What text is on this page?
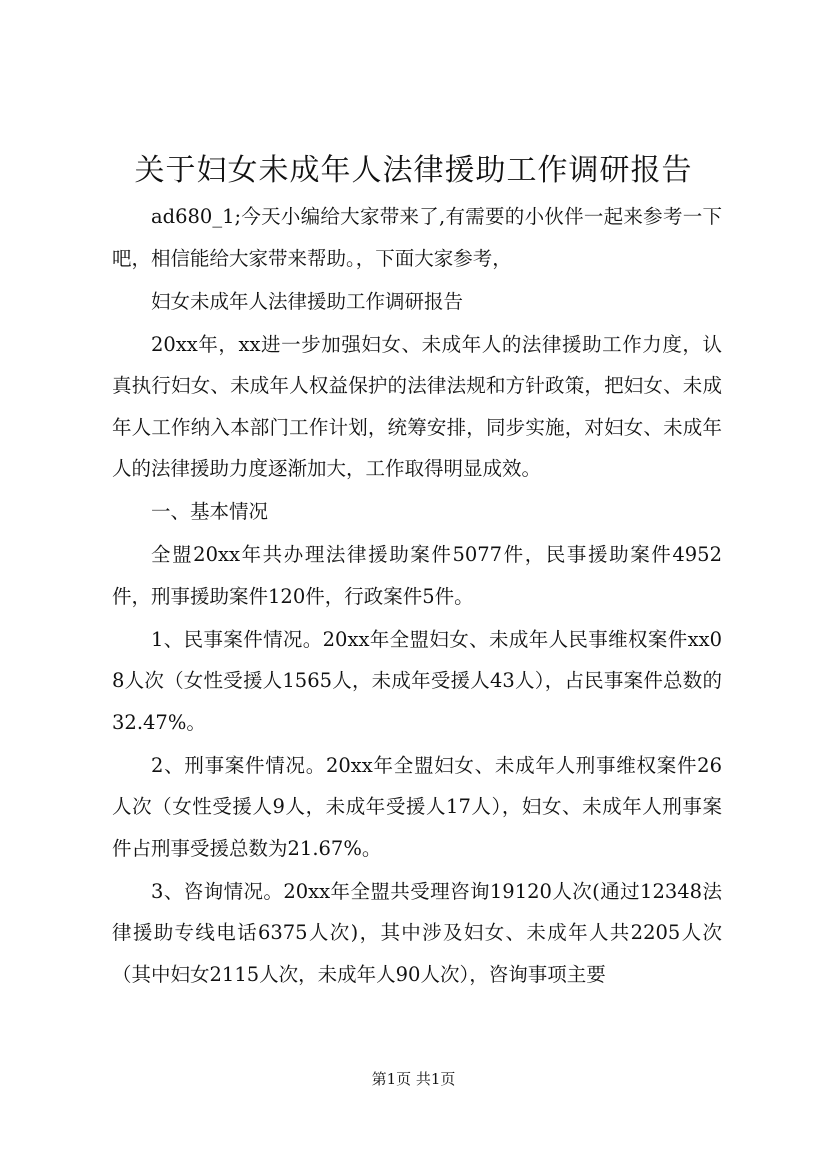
关于妇女未成年人法律援助工作调研报告

ad680_1;今天小编给大家带来了,有需要的小伙伴一起来参考一下吧，相信能给大家带来帮助。，下面大家参考，

妇女未成年人法律援助工作调研报告

20xx年，xx进一步加强妇女、未成年人的法律援助工作力度，认真执行妇女、未成年人权益保护的法律法规和方针政策，把妇女、未成年人工作纳入本部门工作计划，统筹安排，同步实施，对妇女、未成年人的法律援助力度逐渐加大，工作取得明显成效。

一、基本情况

全盟20xx年共办理法律援助案件5077件，民事援助案件4952件，刑事援助案件120件，行政案件5件。

1、民事案件情况。20xx年全盟妇女、未成年人民事维权案件xx08人次（女性受援人1565人，未成年受援人43人），占民事案件总数的32.47%。

2、刑事案件情况。20xx年全盟妇女、未成年人刑事维权案件26人次（女性受援人9人，未成年受援人17人），妇女、未成年人刑事案件占刑事受援总数为21.67%。

3、咨询情况。20xx年全盟共受理咨询19120人次(通过12348法律援助专线电话6375人次)，其中涉及妇女、未成年人共2205人次（其中妇女2115人次，未成年人90人次），咨询事项主要

第1页 共1页
